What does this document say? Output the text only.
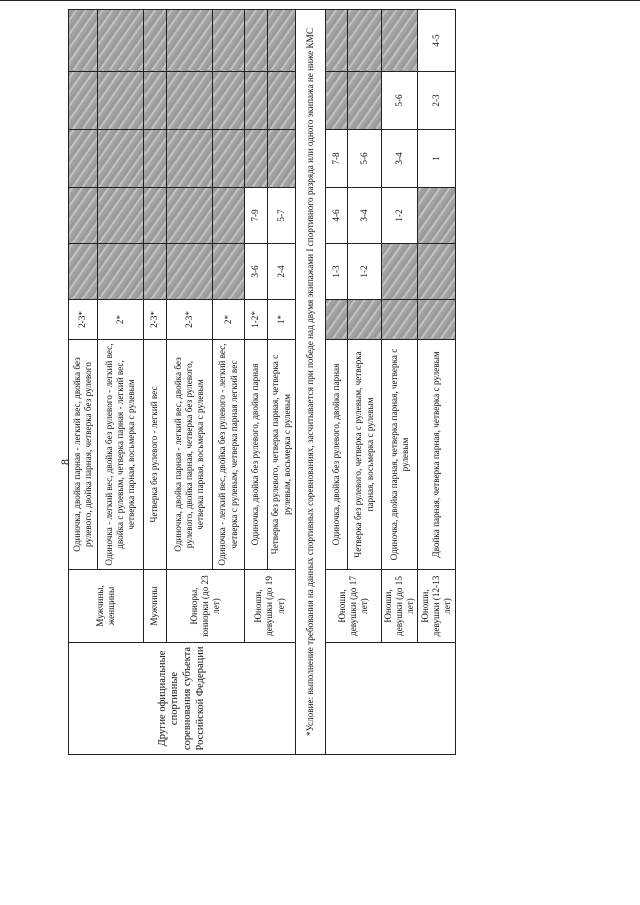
8
Другие официальные спортивные соревнования субъекта Российской Федерации	Мужчины, женщины	Одиночка, двойка парная - легкий вес, двойка без рулевого, двойка парная, четверка без рулевого	2-3*					
		Одиночка - легкий вес, двойка без рулевого - легкий вес, двойка с рулевым, четверка парная - легкий вес, четверка парная, восьмерка с рулевым	2*					
	Мужчины	Четверка без рулевого - легкий вес	2-3*					
	Юниоры, юниорки (до 23 лет)	Одиночка, двойка парная - легкий вес, двойка без рулевого, двойка парная, четверка без рулевого, четверка парная, восьмерка с рулевым	2-3*					
		Одиночка - легкий вес, двойка без рулевого - легкий вес, четверка с рулевым, четверка парная легкий вес	2*					
	Юноши, девушки (до 19 лет)	Одиночка, двойка без рулевого, двойка парная	1-2*	3-6	7-9			
		Четверка без рулевого, четверка парная, четверка с рулевым, восьмерка с рулевым	1*	2-4	5-7			
*Условие: выполнение требования на данных спортивных соревнованиях, засчитывается при победе над двумя экипажами I спортивного разряда или одного экипажа не ниже КМС								
	Юноши, девушки (до 17 лет)	Одиночка, двойка без рулевого, двойка парная		1-3	4-6	7-8		
		Четверка без рулевого, четверка с рулевым, четверка парная, восьмерка с рулевым		1-2	3-4	5-6		
	Юноши, девушки (до 15 лет)	Одиночка, двойка парная, четверка парная, четверка с рулевым			1-2	3-4	5-6	
	Юноши, девушки (12-13 лет)	Двойка парная, четверка парная, четверка с рулевым				1	2-3	4-5
